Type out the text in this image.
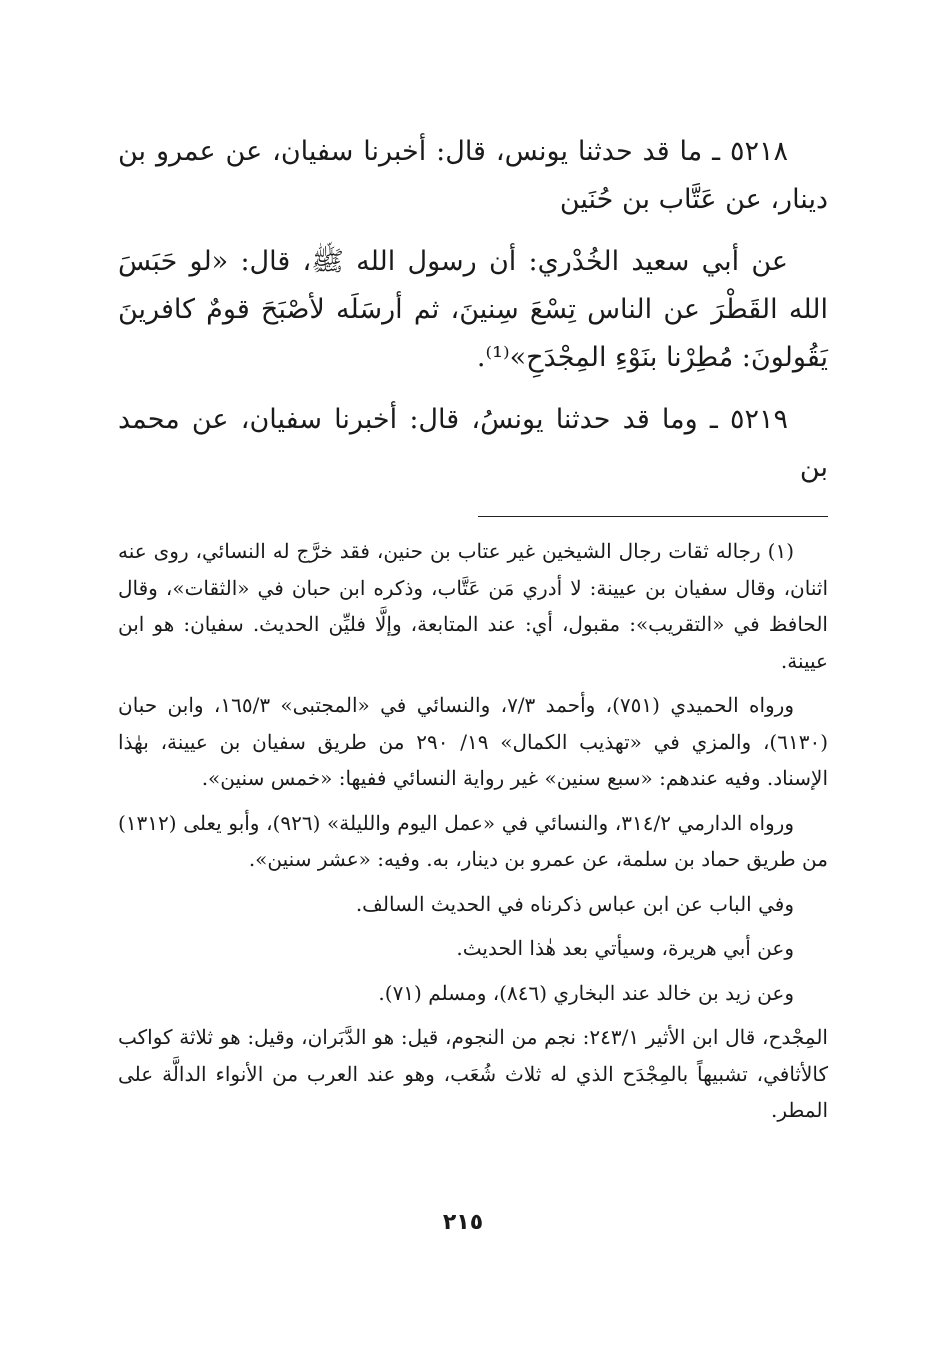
٥٢١٨ ـ ما قد حدثنا يونس، قال: أخبرنا سفيان، عن عمرو بن دينار، عن عَتَّاب بن حُنَين

عن أبي سعيد الخُدْري: أن رسول الله ﷺ، قال: «لو حَبَسَ الله القَطْرَ عن الناس تِسْعَ سِنينَ، ثم أرسَلَه لأصْبَحَ قومٌ كافرينَ يَقُولونَ: مُطِرْنا بنَوْءِ المِجْدَحِ»⁽¹⁾.

٥٢١٩ ـ وما قد حدثنا يونسُ، قال: أخبرنا سفيان، عن محمد بن

(١) رجاله ثقات رجال الشيخين غير عتاب بن حنين، فقد خرَّج له النسائي، روى عنه اثنان، وقال سفيان بن عيينة: لا أدري مَن عَتَّاب، وذكره ابن حبان في «الثقات»، وقال الحافظ في «التقريب»: مقبول، أي: عند المتابعة، وإلَّا فليِّن الحديث. سفيان: هو ابن عيينة.

ورواه الحميدي (٧٥١)، وأحمد ٧/٣، والنسائي في «المجتبى» ١٦٥/٣، وابن حبان (٦١٣٠)، والمزي في «تهذيب الكمال» ١٩/ ٢٩٠ من طريق سفيان بن عيينة، بهٰذا الإسناد. وفيه عندهم: «سبع سنين» غير رواية النسائي ففيها: «خمس سنين».

ورواه الدارمي ٣١٤/٢، والنسائي في «عمل اليوم والليلة» (٩٢٦)، وأبو يعلى (١٣١٢) من طريق حماد بن سلمة، عن عمرو بن دينار، به. وفيه: «عشر سنين».

وفي الباب عن ابن عباس ذكرناه في الحديث السالف.

وعن أبي هريرة، وسيأتي بعد هٰذا الحديث.

وعن زيد بن خالد عند البخاري (٨٤٦)، ومسلم (٧١).

المِجْدح، قال ابن الأثير ٢٤٣/١: نجم من النجوم، قيل: هو الدَّبَران، وقيل: هو ثلاثة كواكب كالأثافي، تشبيهاً بالمِجْدَح الذي له ثلاث شُعَب، وهو عند العرب من الأنواء الدالَّة على المطر.

٢١٥
